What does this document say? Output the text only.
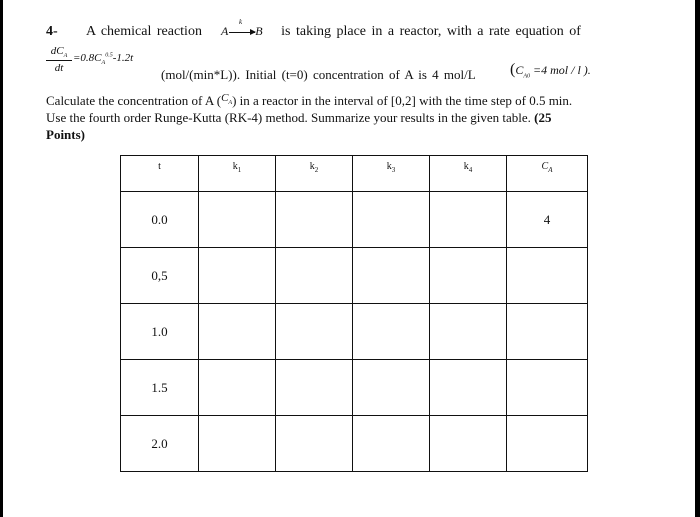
4- A chemical reaction A→
k
B is taking place in a reactor, with a rate equation of
$dC_A$
dt
$=0.8C_A^{0.5}-1.2t$
(mol/(min*L)). Initial (t=0) concentration of A is 4 mol/L ($C_{A0} =4$ mol / l ).
Calculate the concentration of A $(C_A)$ in a reactor in the interval of [0,2] with the time step of 0.5 min.
Use the fourth order Runge-Kutta (RK-4) method. Summarize your results in the given table. (25
Points)
t	$k_1$	$k_2$	$k_3$	$k_4$	$C_A$
0.0					4
0,5					
1.0					
1.5					
2.0					
